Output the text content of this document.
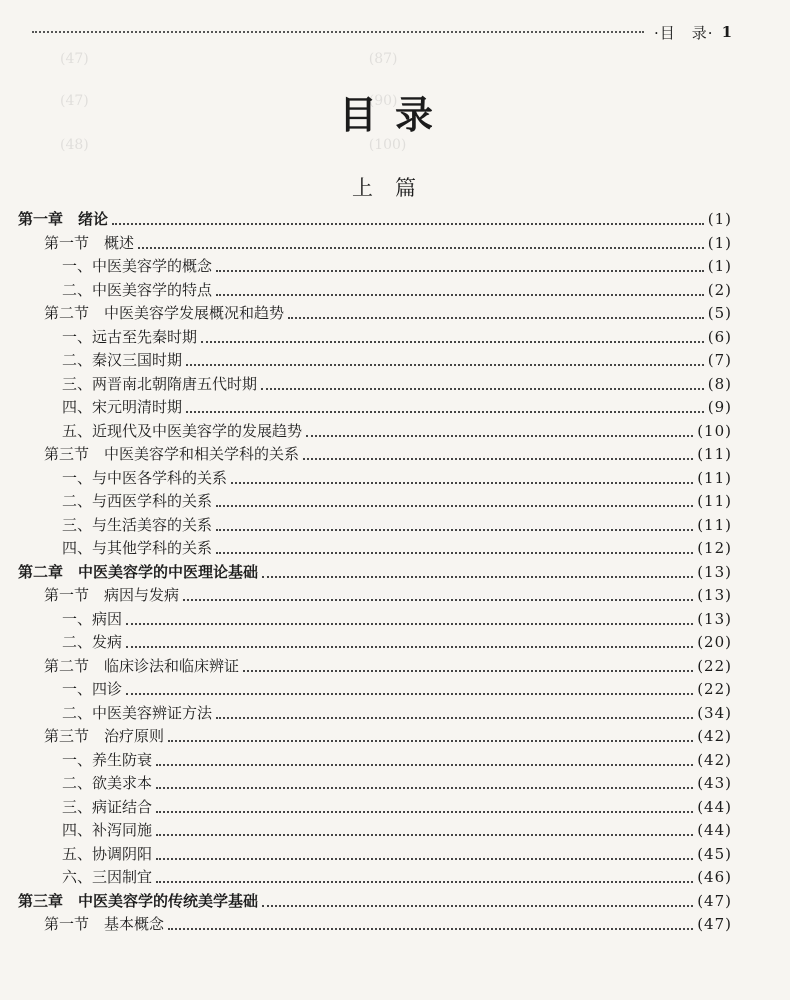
(47)　　　　　　　　　　　　　　　　　　　　(87)
(47)　　　　　　　　　　　　　　　　　　　　(90)
(48)　　　　　　　　　　　　　　　　　　　　(100)
·目　录· 1
目录
上篇
第一章　绪论	(1)
第一节　概述	(1)
一、中医美容学的概念	(1)
二、中医美容学的特点	(2)
第二节　中医美容学发展概况和趋势	(5)
一、远古至先秦时期	(6)
二、秦汉三国时期	(7)
三、两晋南北朝隋唐五代时期	(8)
四、宋元明清时期	(9)
五、近现代及中医美容学的发展趋势	(10)
第三节　中医美容学和相关学科的关系	(11)
一、与中医各学科的关系	(11)
二、与西医学科的关系	(11)
三、与生活美容的关系	(11)
四、与其他学科的关系	(12)
第二章　中医美容学的中医理论基础	(13)
第一节　病因与发病	(13)
一、病因	(13)
二、发病	(20)
第二节　临床诊法和临床辨证	(22)
一、四诊	(22)
二、中医美容辨证方法	(34)
第三节　治疗原则	(42)
一、养生防衰	(42)
二、欲美求本	(43)
三、病证结合	(44)
四、补泻同施	(44)
五、协调阴阳	(45)
六、三因制宜	(46)
第三章　中医美容学的传统美学基础	(47)
第一节　基本概念	(47)
